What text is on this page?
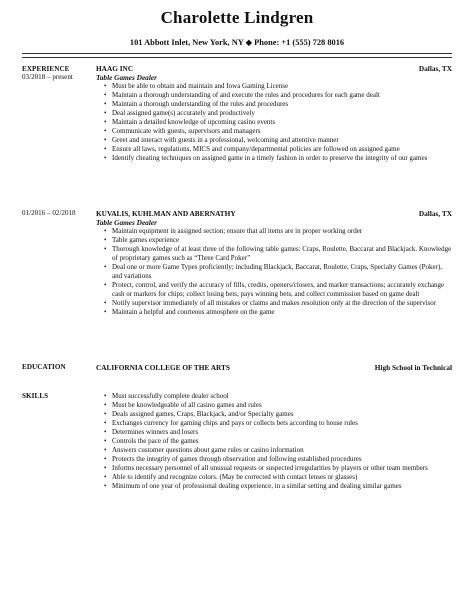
Charolette Lindgren
101 Abbott Inlet, New York, NY ◆ Phone: +1 (555) 728 8016
EXPERIENCE
03/2018 – present
HAAG INC	Dallas, TX
Table Games Dealer
• Must be able to obtain and maintain and Iowa Gaming License
• Maintain a thorough understanding of and execute the rules and procedures for each game dealt
• Maintain a thorough understanding of the rules and procedures
• Deal assigned game(s) accurately and productively
• Maintain a detailed knowledge of upcoming casino events
• Communicate with guests, supervisors and managers
• Greet and interact with guests in a professional, welcoming and attentive manner
• Ensure all laws, regulations, MICS and company/departmental policies are followed on assigned game
• Identify cheating techniques on assigned game in a timely fashion in order to preserve the integrity of our games
01/2016 – 02/2018	KUVALIS, KUHLMAN AND ABERNATHY	Dallas, TX
Table Games Dealer
• Maintain equipment in assigned section; ensure that all items are in proper working order
• Table games experience
• Thorough knowledge of at least three of the following table games: Craps, Roulette, Baccarat and Blackjack. Knowledge of proprietary games such as “Three Card Poker”
• Deal one or more Game Types proficiently; including Blackjack, Baccarat, Roulette, Craps, Specialty Games (Poker), and variations
• Protect, control, and verify the accuracy of fills, credits, openers/closers, and marker transactions; accurately exchange cash or markers for chips; collect losing bets, pays winning bets, and collect commission based on game dealt
• Notify supervisor immediately of all mistakes or claims and makes resolution only at the direction of the supervisor
• Maintain a helpful and courteous atmosphere on the game
EDUCATION	CALIFORNIA COLLEGE OF THE ARTS	High School in Technical
SKILLS
•	Must successfully complete dealer school
• Must be knowledgeable of all casino games and rules
• Deals assigned games, Craps, Blackjack, and/or Specialty games
• Exchanges currency for gaming chips and pays or collects bets according to house rules
• Determines winners and losers
• Controls the pace of the games
• Answers customer questions about game rules or casino information
• Protects the integrity of games through observation and following established procedures
• Informs necessary personnel of all unusual requests or suspected irregularities by players or other team members
• Able to identify and recognize colors. (May be corrected with contact lenses or glasses)
• Minimum of one year of professional dealing experience, in a similar setting and dealing similar games
